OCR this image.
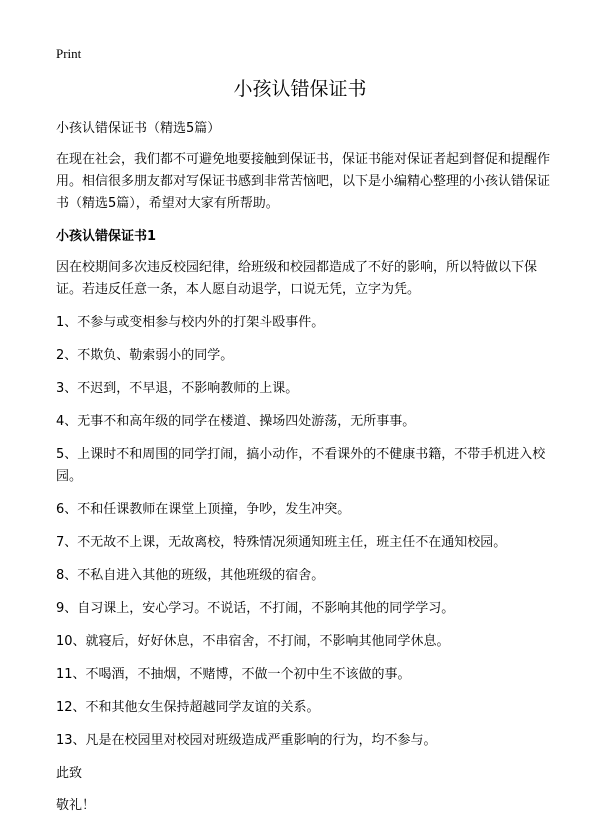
Print
小孩认错保证书

小孩认错保证书（精选5篇）

在现在社会，我们都不可避免地要接触到保证书，保证书能对保证者起到督促和提醒作用。相信很多朋友都对写保证书感到非常苦恼吧，以下是小编精心整理的小孩认错保证书（精选5篇），希望对大家有所帮助。

小孩认错保证书1

因在校期间多次违反校园纪律，给班级和校园都造成了不好的影响，所以特做以下保证。若违反任意一条，本人愿自动退学，口说无凭，立字为凭。

1、不参与或变相参与校内外的打架斗殴事件。

2、不欺负、勒索弱小的同学。

3、不迟到，不早退，不影响教师的上课。

4、无事不和高年级的同学在楼道、操场四处游荡，无所事事。

5、上课时不和周围的同学打闹，搞小动作，不看课外的不健康书籍，不带手机进入校园。

6、不和任课教师在课堂上顶撞，争吵，发生冲突。

7、不无故不上课，无故离校，特殊情况须通知班主任，班主任不在通知校园。

8、不私自进入其他的班级，其他班级的宿舍。

9、自习课上，安心学习。不说话，不打闹，不影响其他的同学学习。

10、就寝后，好好休息，不串宿舍，不打闹，不影响其他同学休息。

11、不喝酒，不抽烟，不赌博，不做一个初中生不该做的事。

12、不和其他女生保持超越同学友谊的关系。

13、凡是在校园里对校园对班级造成严重影响的行为，均不参与。

此致

敬礼！
